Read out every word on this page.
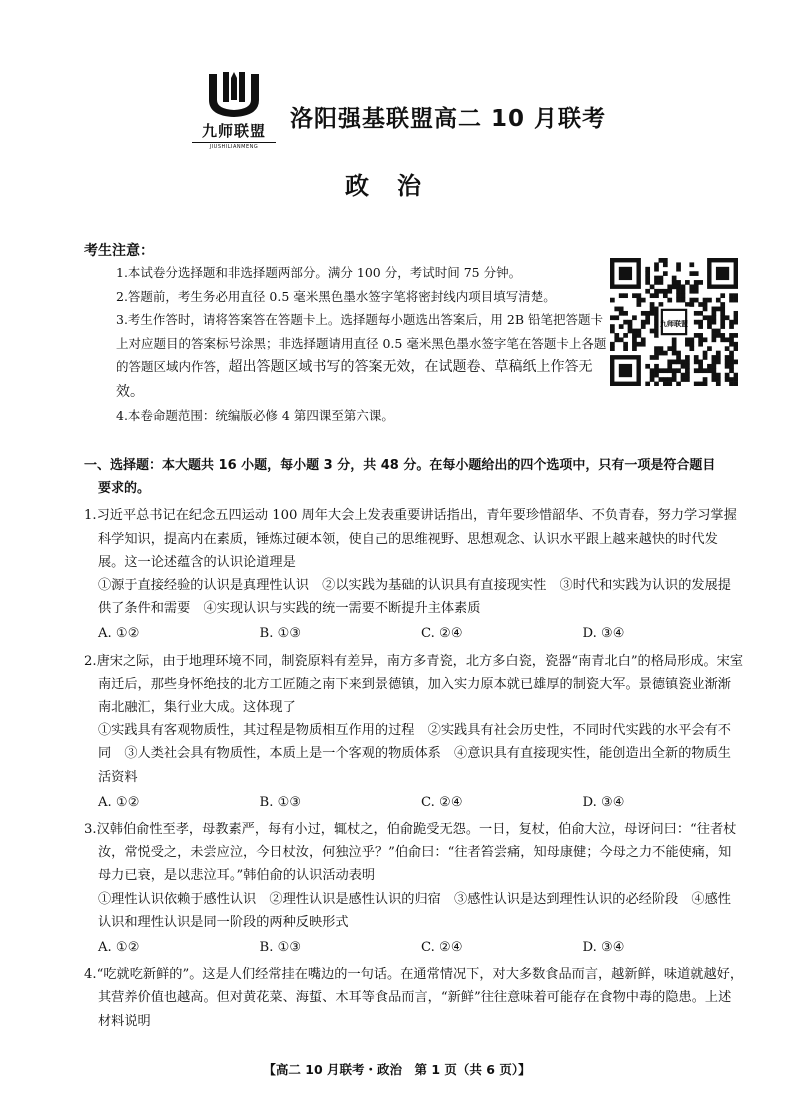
九师联盟
JIUSHILIANMENG
洛阳强基联盟高二 10 月联考
政治
考生注意：

1.本试卷分选择题和非选择题两部分。满分 100 分，考试时间 75 分钟。

2.答题前，考生务必用直径 0.5 毫米黑色墨水签字笔将密封线内项目填写清楚。

3.考生作答时，请将答案答在答题卡上。选择题每小题选出答案后，用 2B 铅笔把答题卡上对应题目的答案标号涂黑；非选择题请用直径 0.5 毫米黑色墨水签字笔在答题卡上各题的答题区域内作答，超出答题区域书写的答案无效，在试题卷、草稿纸上作答无效。

4.本卷命题范围：统编版必修 4 第四课至第六课。

九师联盟
一、选择题：本大题共 16 小题，每小题 3 分，共 48 分。在每小题给出的四个选项中，只有一项是符合题目
要求的。

1.习近平总书记在纪念五四运动 100 周年大会上发表重要讲话指出，青年要珍惜韶华、不负青春，努力学习掌握科学知识，提高内在素质，锤炼过硬本领，使自己的思维视野、思想观念、认识水平跟上越来越快的时代发展。这一论述蕴含的认识论道理是

①源于直接经验的认识是真理性认识　②以实践为基础的认识具有直接现实性　③时代和实践为认识的发展提供了条件和需要　④实现认识与实践的统一需要不断提升主体素质

A. ①②	B. ①③	C. ②④	D. ③④

2.唐宋之际，由于地理环境不同，制瓷原料有差异，南方多青瓷，北方多白瓷，瓷器“南青北白”的格局形成。宋室南迁后，那些身怀绝技的北方工匠随之南下来到景德镇，加入实力原本就已雄厚的制瓷大军。景德镇瓷业渐渐南北融汇，集行业大成。这体现了

①实践具有客观物质性，其过程是物质相互作用的过程　②实践具有社会历史性，不同时代实践的水平会有不同　③人类社会具有物质性，本质上是一个客观的物质体系　④意识具有直接现实性，能创造出全新的物质生活资料

A. ①②	B. ①③	C. ②④	D. ③④

3.汉韩伯俞性至孝，母教素严，每有小过，辄杖之，伯俞跪受无怨。一日，复杖，伯俞大泣，母讶问曰：“往者杖汝，常悦受之，未尝应泣，今日杖汝，何独泣乎？”伯俞曰：“往者笞尝痛，知母康健；今母之力不能使痛，知母力已衰，是以悲泣耳。”韩伯俞的认识活动表明

①理性认识依赖于感性认识　②理性认识是感性认识的归宿　③感性认识是达到理性认识的必经阶段　④感性认识和理性认识是同一阶段的两种反映形式

A. ①②	B. ①③	C. ②④	D. ③④

4.“吃就吃新鲜的”。这是人们经常挂在嘴边的一句话。在通常情况下，对大多数食品而言，越新鲜，味道就越好，其营养价值也越高。但对黄花菜、海蜇、木耳等食品而言，“新鲜”往往意味着可能存在食物中毒的隐患。上述材料说明

【高二 10 月联考・政治　第 1 页（共 6 页）】
